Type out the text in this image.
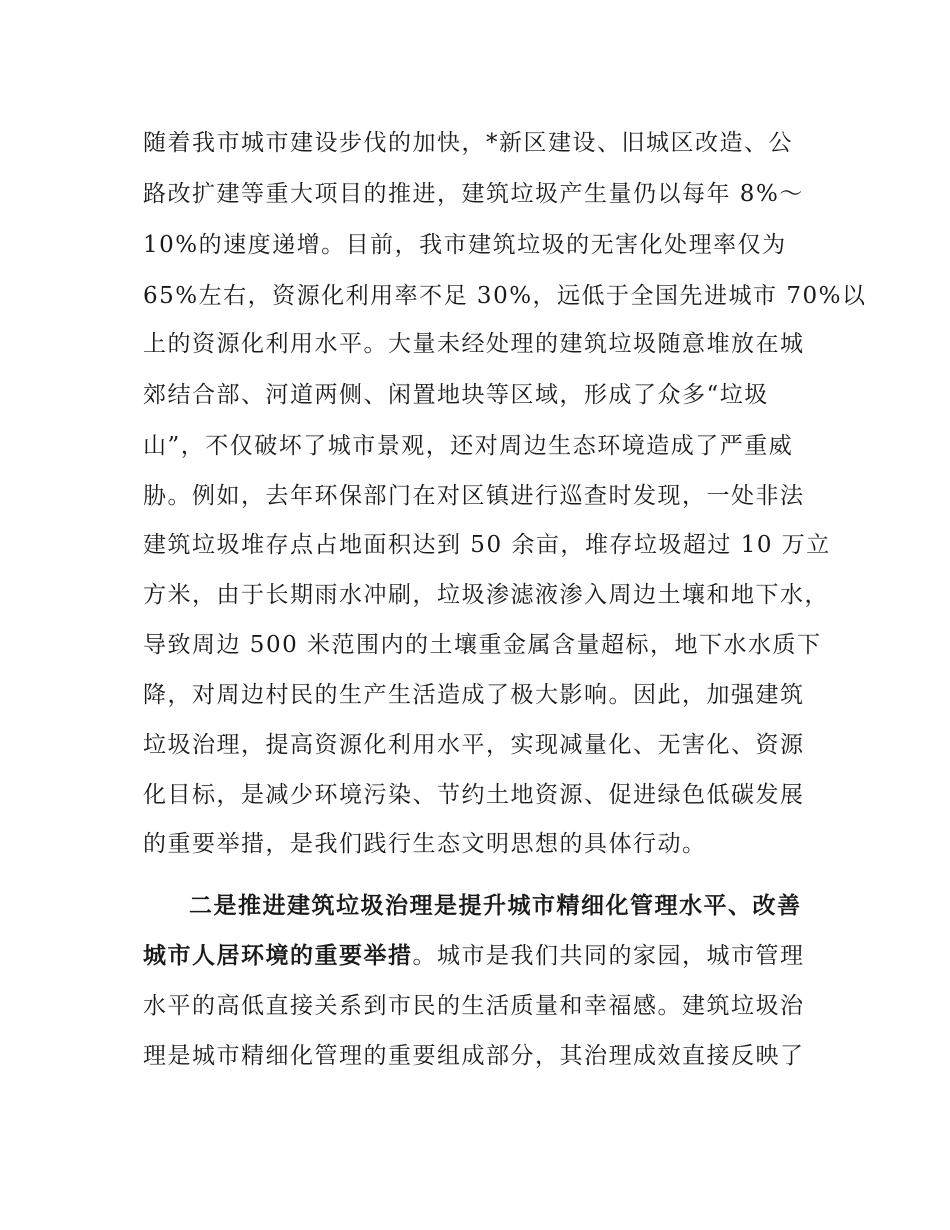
随着我市城市建设步伐的加快，*新区建设、旧城区改造、公
路改扩建等重大项目的推进，建筑垃圾产生量仍以每年 8%～
10%的速度递增。目前，我市建筑垃圾的无害化处理率仅为
65%左右，资源化利用率不足 30%，远低于全国先进城市 70%以
上的资源化利用水平。大量未经处理的建筑垃圾随意堆放在城
郊结合部、河道两侧、闲置地块等区域，形成了众多“垃圾
山”，不仅破坏了城市景观，还对周边生态环境造成了严重威
胁。例如，去年环保部门在对区镇进行巡查时发现，一处非法
建筑垃圾堆存点占地面积达到 50 余亩，堆存垃圾超过 10 万立
方米，由于长期雨水冲刷，垃圾渗滤液渗入周边土壤和地下水，
导致周边 500 米范围内的土壤重金属含量超标，地下水水质下
降，对周边村民的生产生活造成了极大影响。因此，加强建筑
垃圾治理，提高资源化利用水平，实现减量化、无害化、资源
化目标，是减少环境污染、节约土地资源、促进绿色低碳发展
的重要举措，是我们践行生态文明思想的具体行动。
二是推进建筑垃圾治理是提升城市精细化管理水平、改善
城市人居环境的重要举措。城市是我们共同的家园，城市管理
水平的高低直接关系到市民的生活质量和幸福感。建筑垃圾治
理是城市精细化管理的重要组成部分，其治理成效直接反映了
